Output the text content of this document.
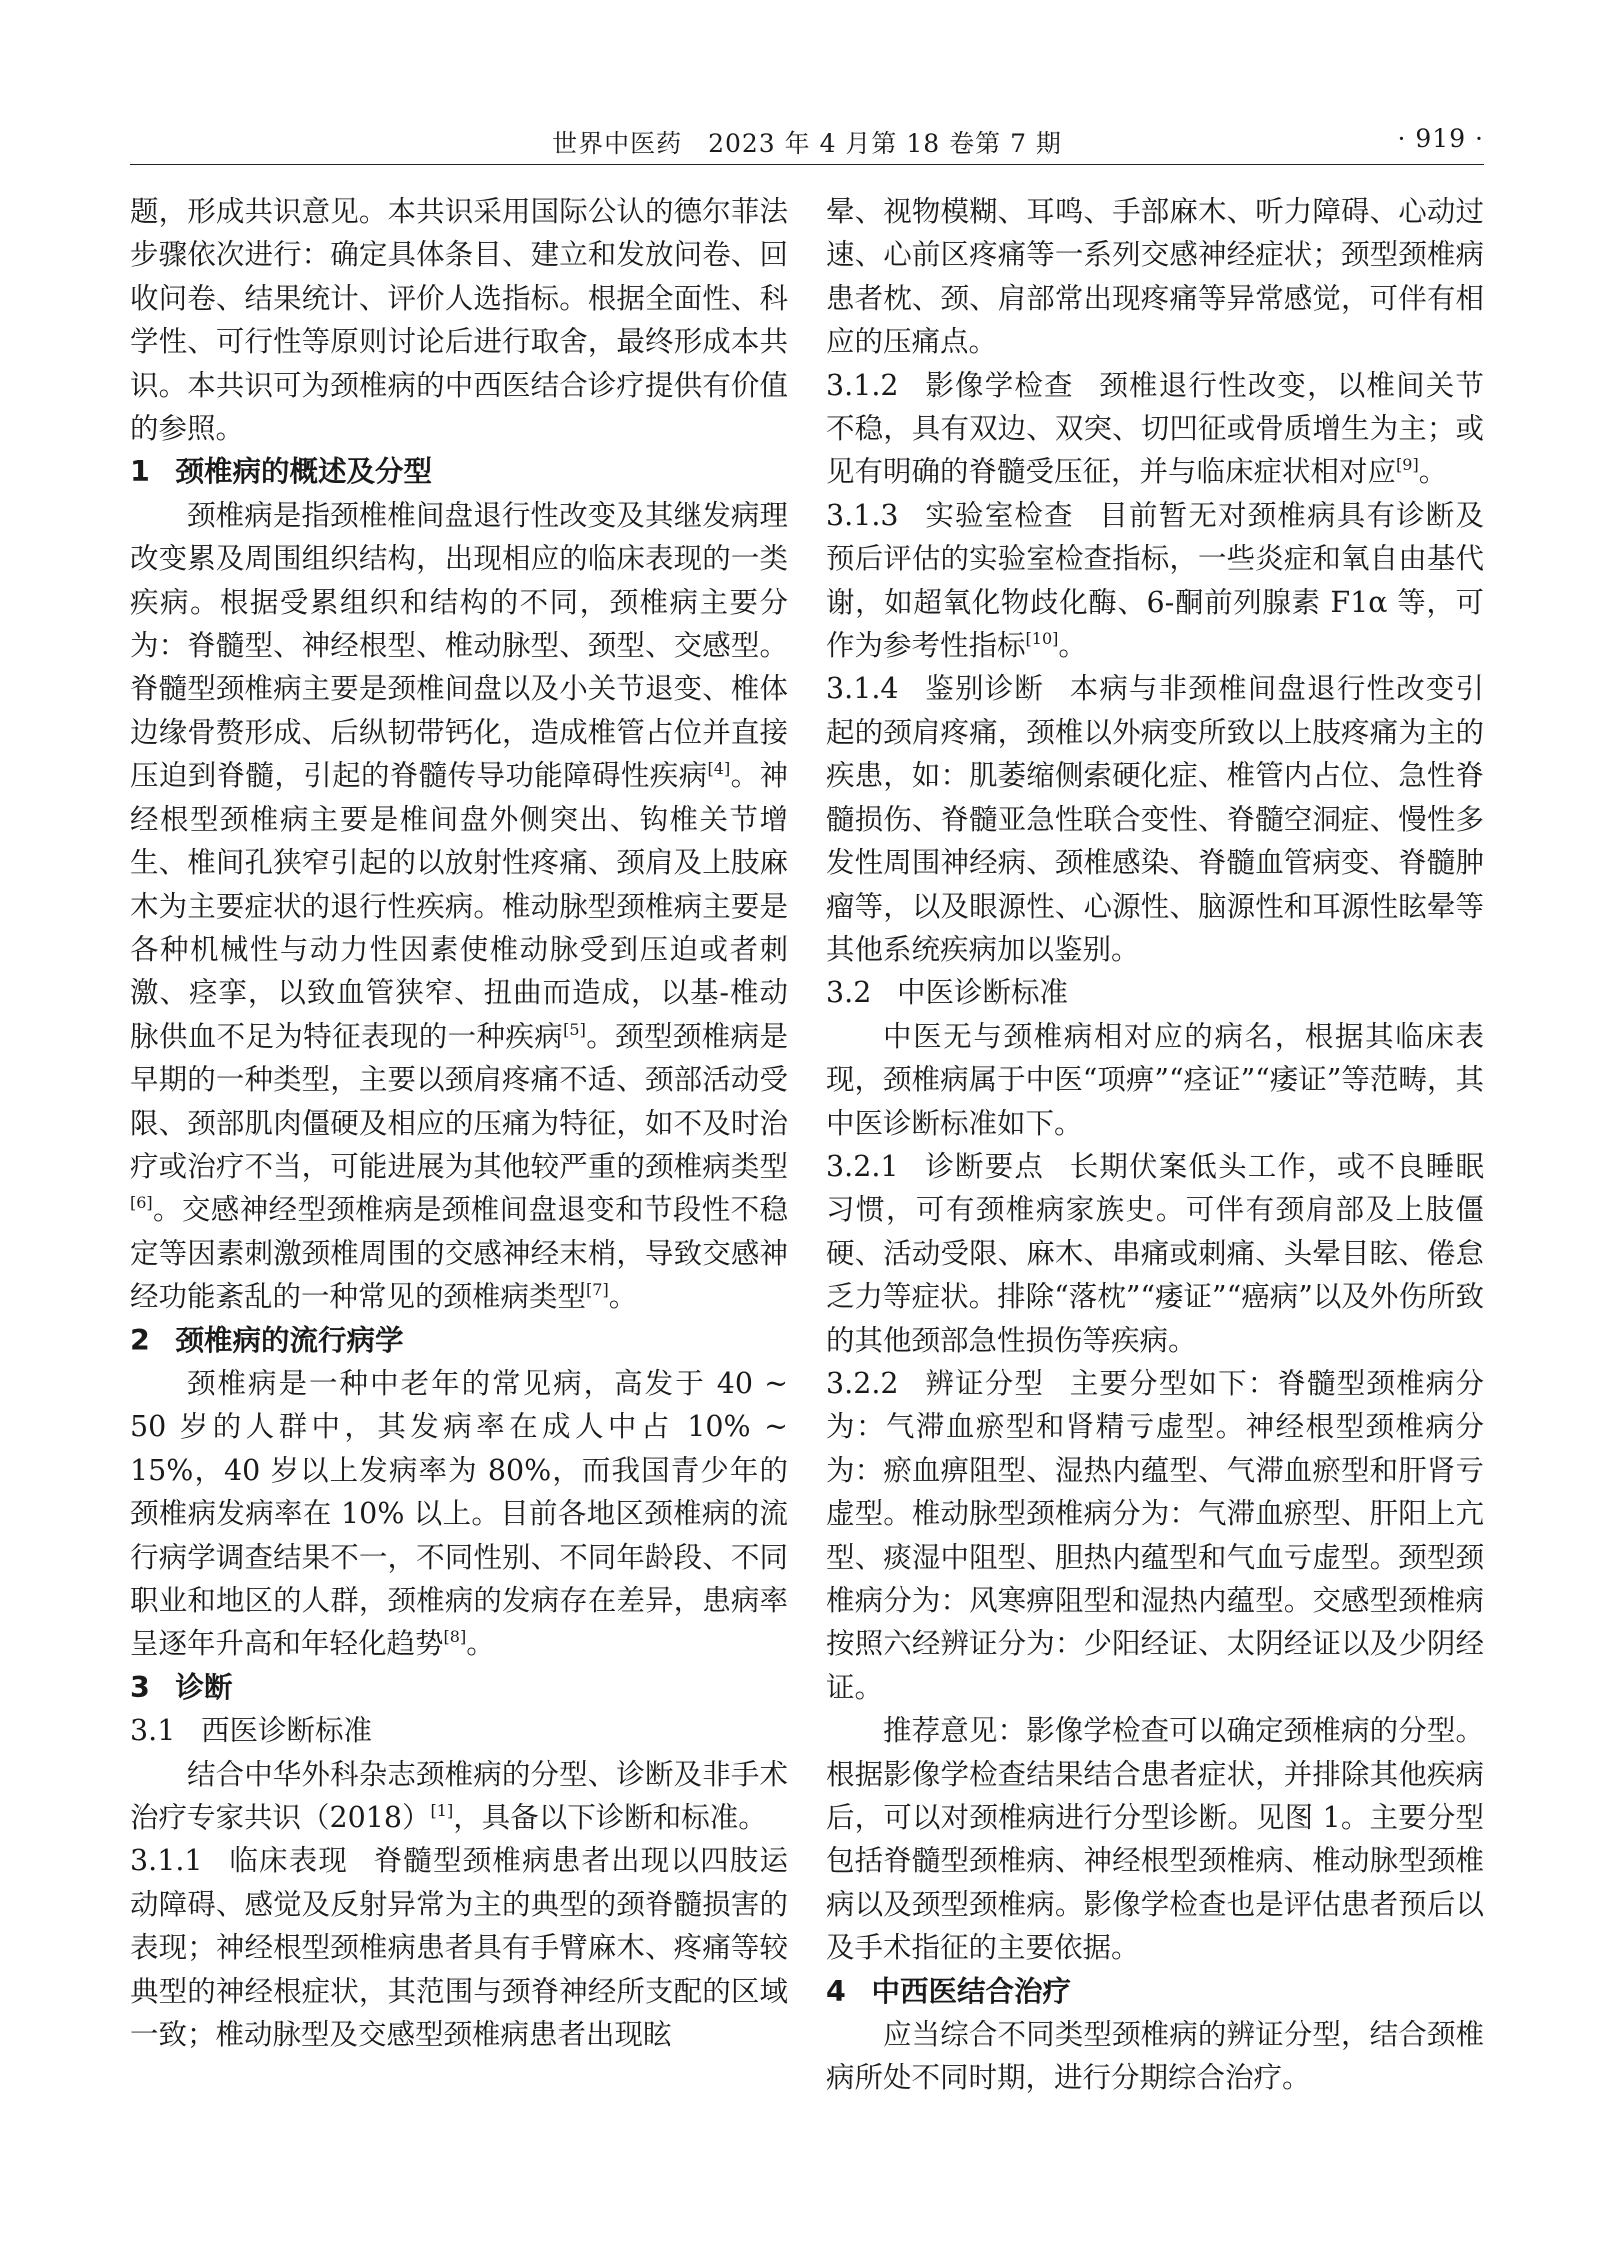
世界中医药　2023 年 4 月第 18 卷第 7 期	· 919 ·

题，形成共识意见。本共识采用国际公认的德尔菲法步骤依次进行：确定具体条目、建立和发放问卷、回收问卷、结果统计、评价人选指标。根据全面性、科学性、可行性等原则讨论后进行取舍，最终形成本共识。本共识可为颈椎病的中西医结合诊疗提供有价值的参照。

1 颈椎病的概述及分型

颈椎病是指颈椎椎间盘退行性改变及其继发病理改变累及周围组织结构，出现相应的临床表现的一类疾病。根据受累组织和结构的不同，颈椎病主要分为：脊髓型、神经根型、椎动脉型、颈型、交感型。脊髓型颈椎病主要是颈椎间盘以及小关节退变、椎体边缘骨赘形成、后纵韧带钙化，造成椎管占位并直接压迫到脊髓，引起的脊髓传导功能障碍性疾病[4]。神经根型颈椎病主要是椎间盘外侧突出、钩椎关节增生、椎间孔狭窄引起的以放射性疼痛、颈肩及上肢麻木为主要症状的退行性疾病。椎动脉型颈椎病主要是各种机械性与动力性因素使椎动脉受到压迫或者刺激、痉挛，以致血管狭窄、扭曲而造成，以基-椎动脉供血不足为特征表现的一种疾病[5]。颈型颈椎病是早期的一种类型，主要以颈肩疼痛不适、颈部活动受限、颈部肌肉僵硬及相应的压痛为特征，如不及时治疗或治疗不当，可能进展为其他较严重的颈椎病类型[6]。交感神经型颈椎病是颈椎间盘退变和节段性不稳定等因素刺激颈椎周围的交感神经末梢，导致交感神经功能紊乱的一种常见的颈椎病类型[7]。

2 颈椎病的流行病学

颈椎病是一种中老年的常见病，高发于 40 ~ 50 岁的人群中，其发病率在成人中占 10% ~ 15%，40 岁以上发病率为 80%，而我国青少年的颈椎病发病率在 10% 以上。目前各地区颈椎病的流行病学调查结果不一，不同性别、不同年龄段、不同职业和地区的人群，颈椎病的发病存在差异，患病率呈逐年升高和年轻化趋势[8]。

3 诊断
3.1 西医诊断标准

结合中华外科杂志颈椎病的分型、诊断及非手术治疗专家共识（2018）[1]，具备以下诊断和标准。

3.1.1 临床表现 脊髓型颈椎病患者出现以四肢运动障碍、感觉及反射异常为主的典型的颈脊髓损害的表现；神经根型颈椎病患者具有手臂麻木、疼痛等较典型的神经根症状，其范围与颈脊神经所支配的区域一致；椎动脉型及交感型颈椎病患者出现眩

晕、视物模糊、耳鸣、手部麻木、听力障碍、心动过速、心前区疼痛等一系列交感神经症状；颈型颈椎病患者枕、颈、肩部常出现疼痛等异常感觉，可伴有相应的压痛点。

3.1.2 影像学检查 颈椎退行性改变，以椎间关节不稳，具有双边、双突、切凹征或骨质增生为主；或见有明确的脊髓受压征，并与临床症状相对应[9]。

3.1.3 实验室检查 目前暂无对颈椎病具有诊断及预后评估的实验室检查指标，一些炎症和氧自由基代谢，如超氧化物歧化酶、6-酮前列腺素 F1α 等，可作为参考性指标[10]。

3.1.4 鉴别诊断 本病与非颈椎间盘退行性改变引起的颈肩疼痛，颈椎以外病变所致以上肢疼痛为主的疾患，如：肌萎缩侧索硬化症、椎管内占位、急性脊髓损伤、脊髓亚急性联合变性、脊髓空洞症、慢性多发性周围神经病、颈椎感染、脊髓血管病变、脊髓肿瘤等，以及眼源性、心源性、脑源性和耳源性眩晕等其他系统疾病加以鉴别。

3.2 中医诊断标准

中医无与颈椎病相对应的病名，根据其临床表现，颈椎病属于中医“项痹”“痉证”“痿证”等范畴，其中医诊断标准如下。

3.2.1 诊断要点 长期伏案低头工作，或不良睡眠习惯，可有颈椎病家族史。可伴有颈肩部及上肢僵硬、活动受限、麻木、串痛或刺痛、头晕目眩、倦怠乏力等症状。排除“落枕”“痿证”“癌病”以及外伤所致的其他颈部急性损伤等疾病。

3.2.2 辨证分型 主要分型如下：脊髓型颈椎病分为：气滞血瘀型和肾精亏虚型。神经根型颈椎病分为：瘀血痹阻型、湿热内蕴型、气滞血瘀型和肝肾亏虚型。椎动脉型颈椎病分为：气滞血瘀型、肝阳上亢型、痰湿中阻型、胆热内蕴型和气血亏虚型。颈型颈椎病分为：风寒痹阻型和湿热内蕴型。交感型颈椎病按照六经辨证分为：少阳经证、太阴经证以及少阴经证。

推荐意见：影像学检查可以确定颈椎病的分型。根据影像学检查结果结合患者症状，并排除其他疾病后，可以对颈椎病进行分型诊断。见图 1。主要分型包括脊髓型颈椎病、神经根型颈椎病、椎动脉型颈椎病以及颈型颈椎病。影像学检查也是评估患者预后以及手术指征的主要依据。

4 中西医结合治疗

应当综合不同类型颈椎病的辨证分型，结合颈椎病所处不同时期，进行分期综合治疗。
